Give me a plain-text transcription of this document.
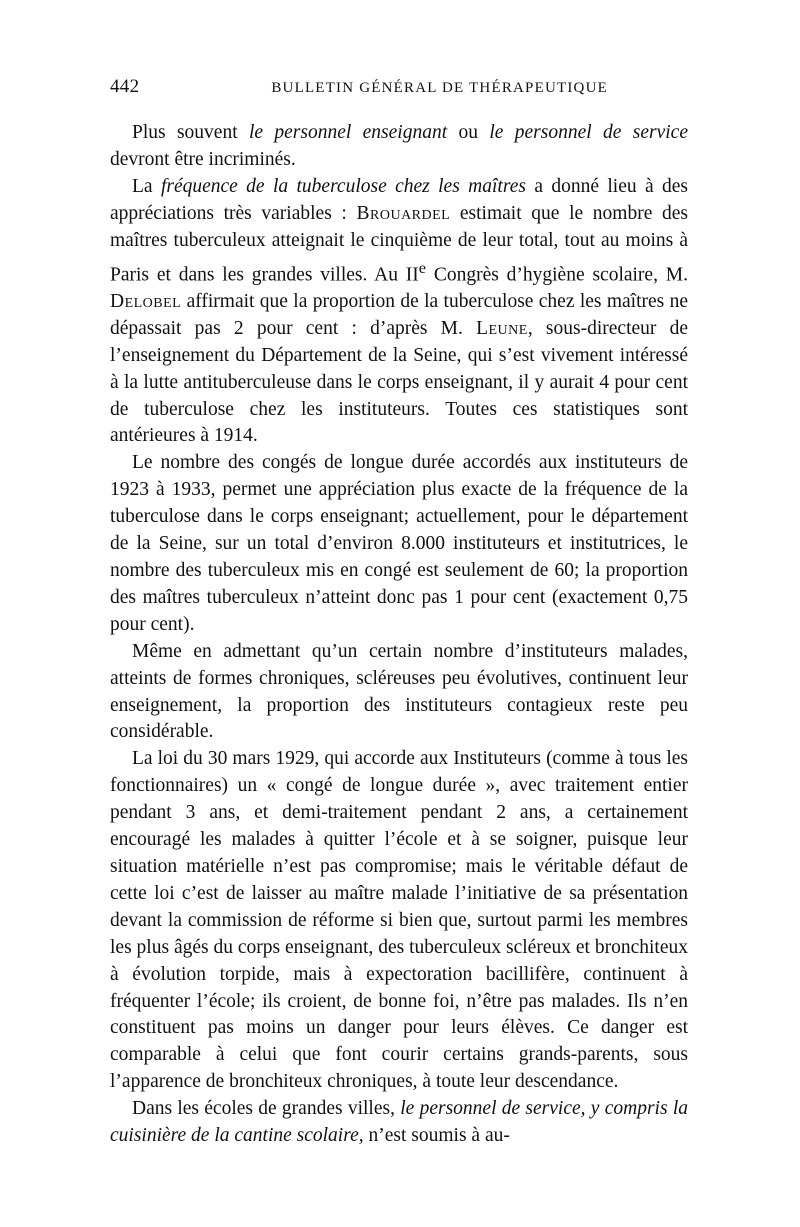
442	BULLETIN GÉNÉRAL DE THÉRAPEUTIQUE

Plus souvent le personnel enseignant ou le personnel de service devront être incriminés.

La fréquence de la tuberculose chez les maîtres a donné lieu à des appréciations très variables : Brouardel estimait que le nombre des maîtres tuberculeux atteignait le cinquième de leur total, tout au moins à Paris et dans les grandes villes. Au IIe Congrès d’hygiène scolaire, M. Delobel affirmait que la proportion de la tuberculose chez les maîtres ne dépassait pas 2 pour cent : d’après M. Leune, sous-directeur de l’enseignement du Département de la Seine, qui s’est vivement intéressé à la lutte antituberculeuse dans le corps enseignant, il y aurait 4 pour cent de tuberculose chez les instituteurs. Toutes ces statistiques sont antérieures à 1914.

Le nombre des congés de longue durée accordés aux instituteurs de 1923 à 1933, permet une appréciation plus exacte de la fréquence de la tuberculose dans le corps enseignant; actuellement, pour le département de la Seine, sur un total d’environ 8.000 instituteurs et institutrices, le nombre des tuberculeux mis en congé est seulement de 60; la proportion des maîtres tuberculeux n’atteint donc pas 1 pour cent (exactement 0,75 pour cent).

Même en admettant qu’un certain nombre d’instituteurs malades, atteints de formes chroniques, scléreuses peu évolutives, continuent leur enseignement, la proportion des instituteurs contagieux reste peu considérable.

La loi du 30 mars 1929, qui accorde aux Instituteurs (comme à tous les fonctionnaires) un « congé de longue durée », avec traitement entier pendant 3 ans, et demi-traitement pendant 2 ans, a certainement encouragé les malades à quitter l’école et à se soigner, puisque leur situation matérielle n’est pas compromise; mais le véritable défaut de cette loi c’est de laisser au maître malade l’initiative de sa présentation devant la commission de réforme si bien que, surtout parmi les membres les plus âgés du corps enseignant, des tuberculeux scléreux et bronchiteux à évolution torpide, mais à expectoration bacillifère, continuent à fréquenter l’école; ils croient, de bonne foi, n’être pas malades. Ils n’en constituent pas moins un danger pour leurs élèves. Ce danger est comparable à celui que font courir certains grands-parents, sous l’apparence de bronchiteux chroniques, à toute leur descendance.

Dans les écoles de grandes villes, le personnel de service, y compris la cuisinière de la cantine scolaire, n’est soumis à au-
